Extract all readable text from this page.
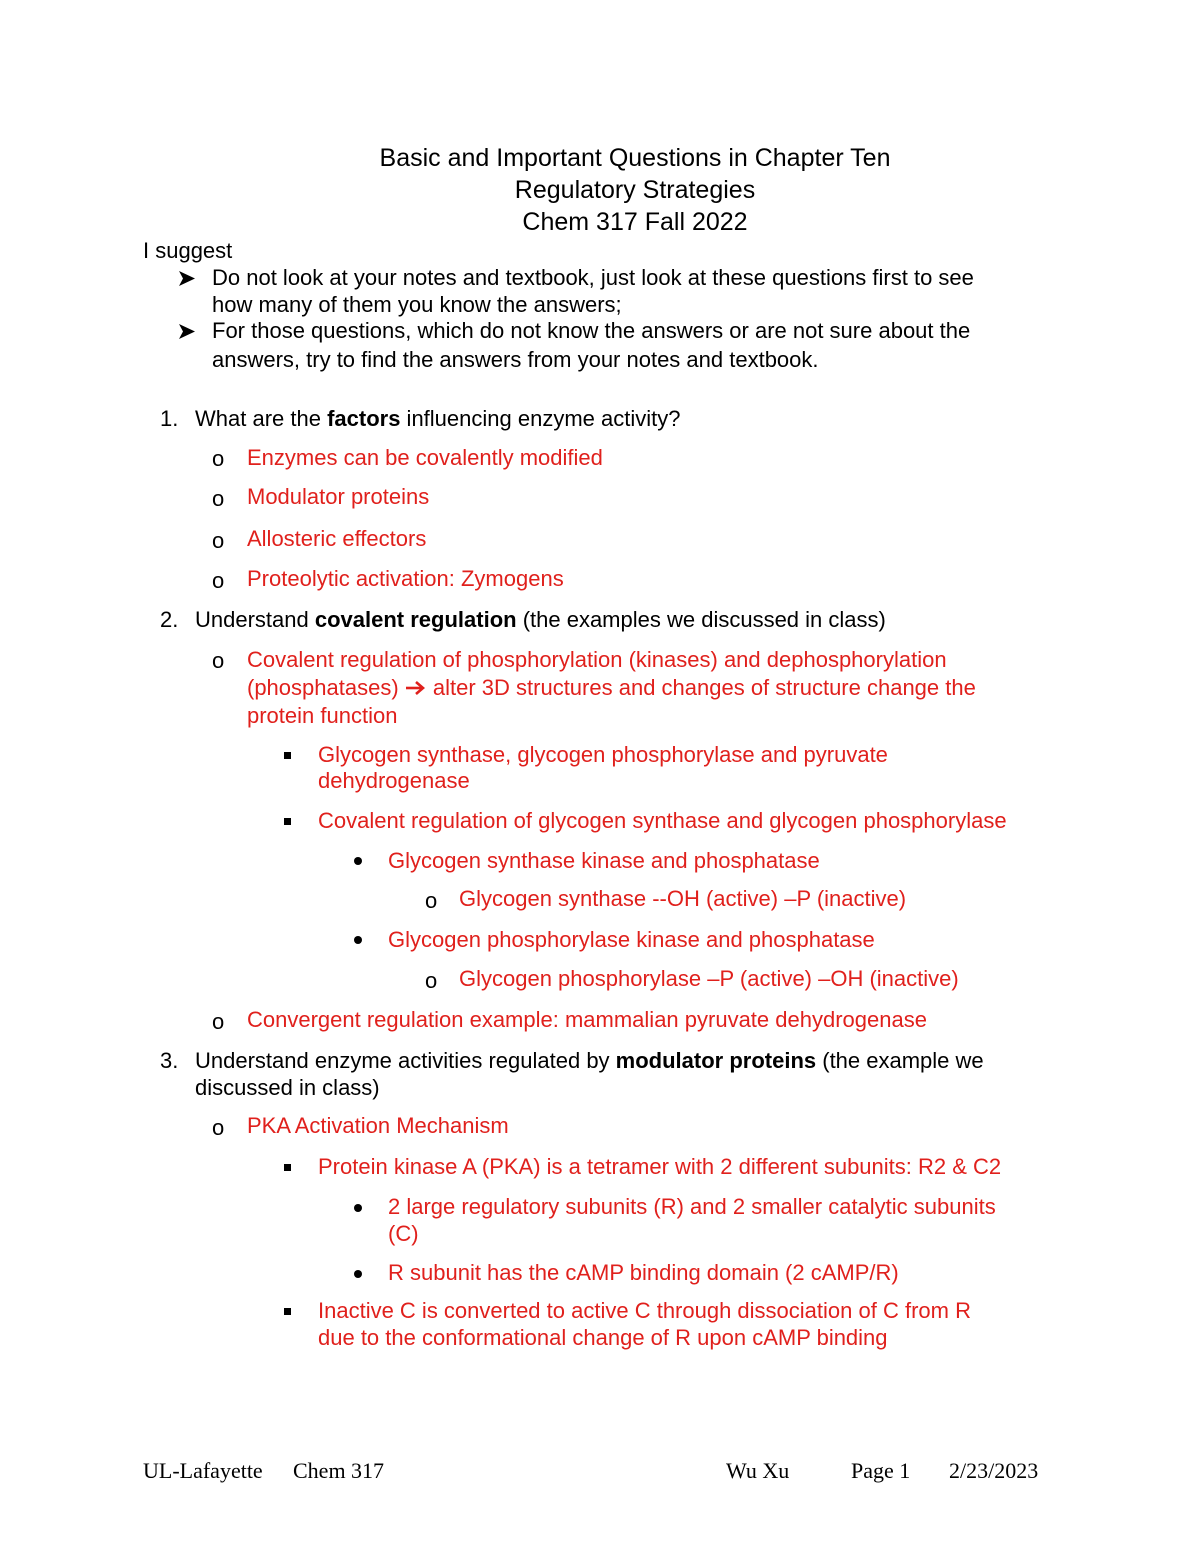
Basic and Important Questions in Chapter Ten
Regulatory Strategies
Chem 317 Fall 2022
I suggest
Do not look at your notes and textbook, just look at these questions first to see
how many of them you know the answers;
For those questions, which do not know the answers or are not sure about the
answers, try to find the answers from your notes and textbook.
1. What are the factors influencing enzyme activity?
o Enzymes can be covalently modified
o Modulator proteins
o Allosteric effectors
o Proteolytic activation: Zymogens
2. Understand covalent regulation (the examples we discussed in class)
o Covalent regulation of phosphorylation (kinases) and dephosphorylation
(phosphatases)  alter 3D structures and changes of structure change the
protein function
Glycogen synthase, glycogen phosphorylase and pyruvate
dehydrogenase
Covalent regulation of glycogen synthase and glycogen phosphorylase
Glycogen synthase kinase and phosphatase
o Glycogen synthase --OH (active) –P (inactive)
Glycogen phosphorylase kinase and phosphatase
o Glycogen phosphorylase –P (active) –OH (inactive)
o Convergent regulation example: mammalian pyruvate dehydrogenase
3. Understand enzyme activities regulated by modulator proteins (the example we
discussed in class)
o PKA Activation Mechanism
Protein kinase A (PKA) is a tetramer with 2 different subunits: R2 & C2
2 large regulatory subunits (R) and 2 smaller catalytic subunits
(C)
R subunit has the cAMP binding domain (2 cAMP/R)
Inactive C is converted to active C through dissociation of C from R
due to the conformational change of R upon cAMP binding
UL-Lafayette Chem 317	Wu Xu	Page 1 2/23/2023
